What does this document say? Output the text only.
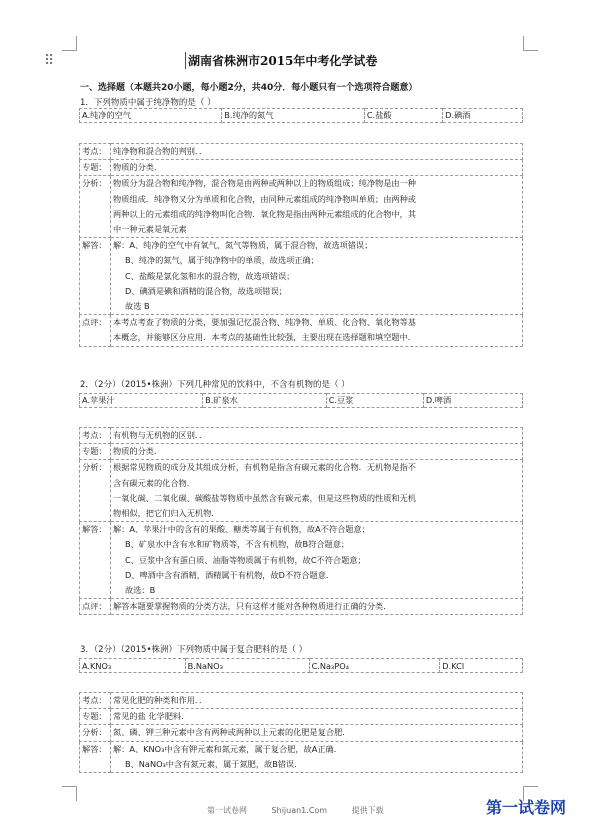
⠿	湖南省株洲市2015年中考化学试卷
一、选择题（本题共20小题，每小题2分，共40分．每小题只有一个选项符合题意）
1．下列物质中属于纯净物的是（ ）
A.纯净的空气	B.纯净的氮气	C.盐酸	D.碘酒
考点：	纯净物和混合物的判别．．
专题：	物质的分类．
分析：	物质分为混合物和纯净物，混合物是由两种或两种以上的物质组成；纯净物是由一种
物质组成．纯净物又分为单质和化合物，由同种元素组成的纯净物叫单质；由两种或
两种以上的元素组成的纯净物叫化合物．氧化物是指由两种元素组成的化合物中，其
中一种元素是氧元素

解答：	解：A、纯净的空气中有氧气、氮气等物质，属于混合物，故选项错误；
B、纯净的氮气，属于纯净物中的单质，故选项正确；
C、盐酸是氯化氢和水的混合物，故选项错误；
D、碘酒是碘和酒精的混合物，故选项错误；
故选 B

点评：	本考点考查了物质的分类，要加强记忆混合物、纯净物、单质、化合物、氧化物等基
本概念，并能够区分应用．本考点的基础性比较强，主要出现在选择题和填空题中．
2．（2分）（2015•株洲）下列几种常见的饮料中，不含有机物的是（ ）
A.苹果汁	B.矿泉水	C.豆浆	D.啤酒
考点：	有机物与无机物的区别．．
专题：	物质的分类．
分析：	根据常见物质的成分及其组成分析，有机物是指含有碳元素的化合物．无机物是指不
含有碳元素的化合物．
一氧化碳、二氧化碳、碳酸盐等物质中虽然含有碳元素，但是这些物质的性质和无机
物相似，把它们归入无机物．

解答：	解：A、苹果汁中的含有的果酸、糖类等属于有机物，故A不符合题意；
B、矿泉水中含有水和矿物质等，不含有机物，故B符合题意；
C、豆浆中含有蛋白质、油脂等物质属于有机物，故C不符合题意；
D、啤酒中含有酒精，酒精属于有机物，故D不符合题意．
故选：B

点评：	解答本题要掌握物质的分类方法，只有这样才能对各种物质进行正确的分类．
3．（2分）（2015•株洲）下列物质中属于复合肥料的是（ ）
A.KNO₃	B.NaNO₃	C.Na₃PO₄	D.KCl
考点：	常见化肥的种类和作用．．
专题：	常见的盐 化学肥料．
分析：	氮、磷、钾三种元素中含有两种或两种以上元素的化肥是复合肥．

解答：	解：A、KNO₃中含有钾元素和氮元素，属于复合肥，故A正确．
B、NaNO₃中含有氮元素，属于氮肥，故B错误．
第一试卷网	Shijuan1.Com	提供下载	第一试卷网
